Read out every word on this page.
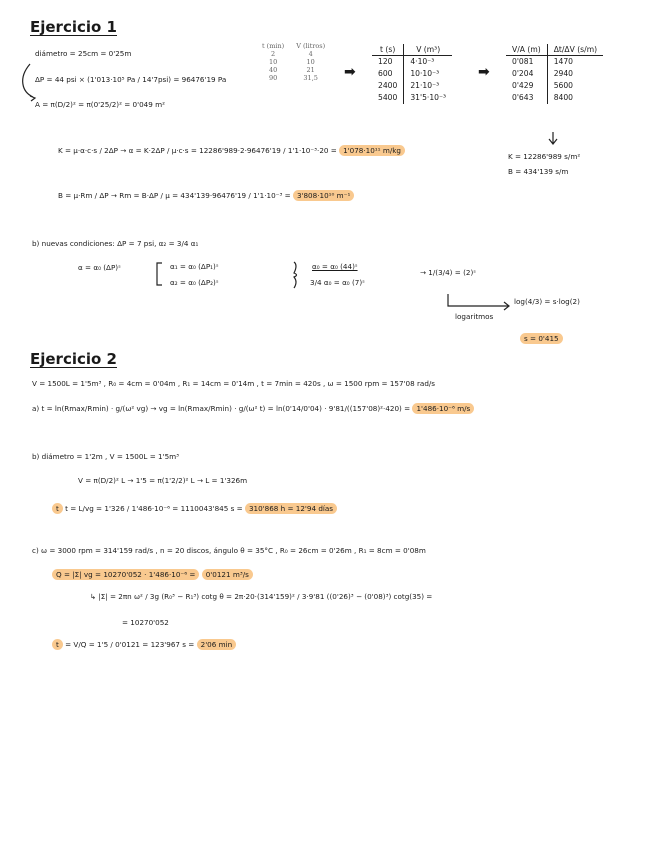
Ejercicio 1
diámetro = 25cm = 0'25m
ΔP = 44 psi × (1'013·10⁵ Pa / 14'7psi) = 96476'19 Pa
A = π(D/2)² = π(0'25/2)² = 0'049 m²
t (min)	V (litros)
2	4
10	10
40	21
90	31,5 ➡
t (s)	V (m³)
120	4·10⁻³
600	10·10⁻³
2400	21·10⁻³
5400	31'5·10⁻³
➡
V/A (m)	Δt/ΔV (s/m)
0'081	1470
0'204	2940
0'429	5600
0'643	8400
K = 12286'989 s/m²
B = 434'139 s/m
K = μ·α·c·s / 2ΔP → α = K·2ΔP / μ·c·s = 12286'989·2·96476'19 / 1'1·10⁻³·20 = 1'078·10¹¹ m/kg
B = μ·Rm / ΔP → Rm = B·ΔP / μ = 434'139·96476'19 / 1'1·10⁻³ = 3'808·10¹⁰ m⁻¹
b) nuevas condiciones: ΔP = 7 psi, α₂ = 3/4 α₁
α = α₀ (ΔP)ˢ	α₁ = α₀ (ΔP₁)ˢ
α₂ = α₀ (ΔP₂)ˢ
α₀ = α₀ (44)ˢ
3/4 α₀ = α₀ (7)ˢ
→ 1/(3/4) = (2)ˢ
logaritmos
log(4/3) = s·log(2)
s = 0'415
Ejercicio 2
V = 1500L = 1'5m³ , R₀ = 4cm = 0'04m , R₁ = 14cm = 0'14m , t = 7min = 420s , ω = 1500 rpm = 157'08 rad/s
a) t = ln(Rmax/Rmin) · g/(ω² vg) → vg = ln(Rmax/Rmin) · g/(ω² t) = ln(0'14/0'04) · 9'81/((157'08)²·420) = 1'486·10⁻⁶ m/s
b) diámetro = 1'2m , V = 1500L = 1'5m³
V = π(D/2)² L → 1'5 = π(1'2/2)² L → L = 1'326m
t t = L/vg = 1'326 / 1'486·10⁻⁶ = 1110043'845 s = 310'868 h = 12'94 días
c) ω = 3000 rpm = 314'159 rad/s , n = 20 discos, ángulo θ = 35°C , R₀ = 26cm = 0'26m , R₁ = 8cm = 0'08m
Q = |Σ| vg = 10270'052 · 1'486·10⁻⁶ = 0'0121 m³/s
↳ |Σ| = 2πn ω² / 3g (R₀³ − R₁³) cotg θ = 2π·20·(314'159)² / 3·9'81 ((0'26)³ − (0'08)³) cotg(35) =
= 10270'052
t = V/Q = 1'5 / 0'0121 = 123'967 s = 2'06 min
